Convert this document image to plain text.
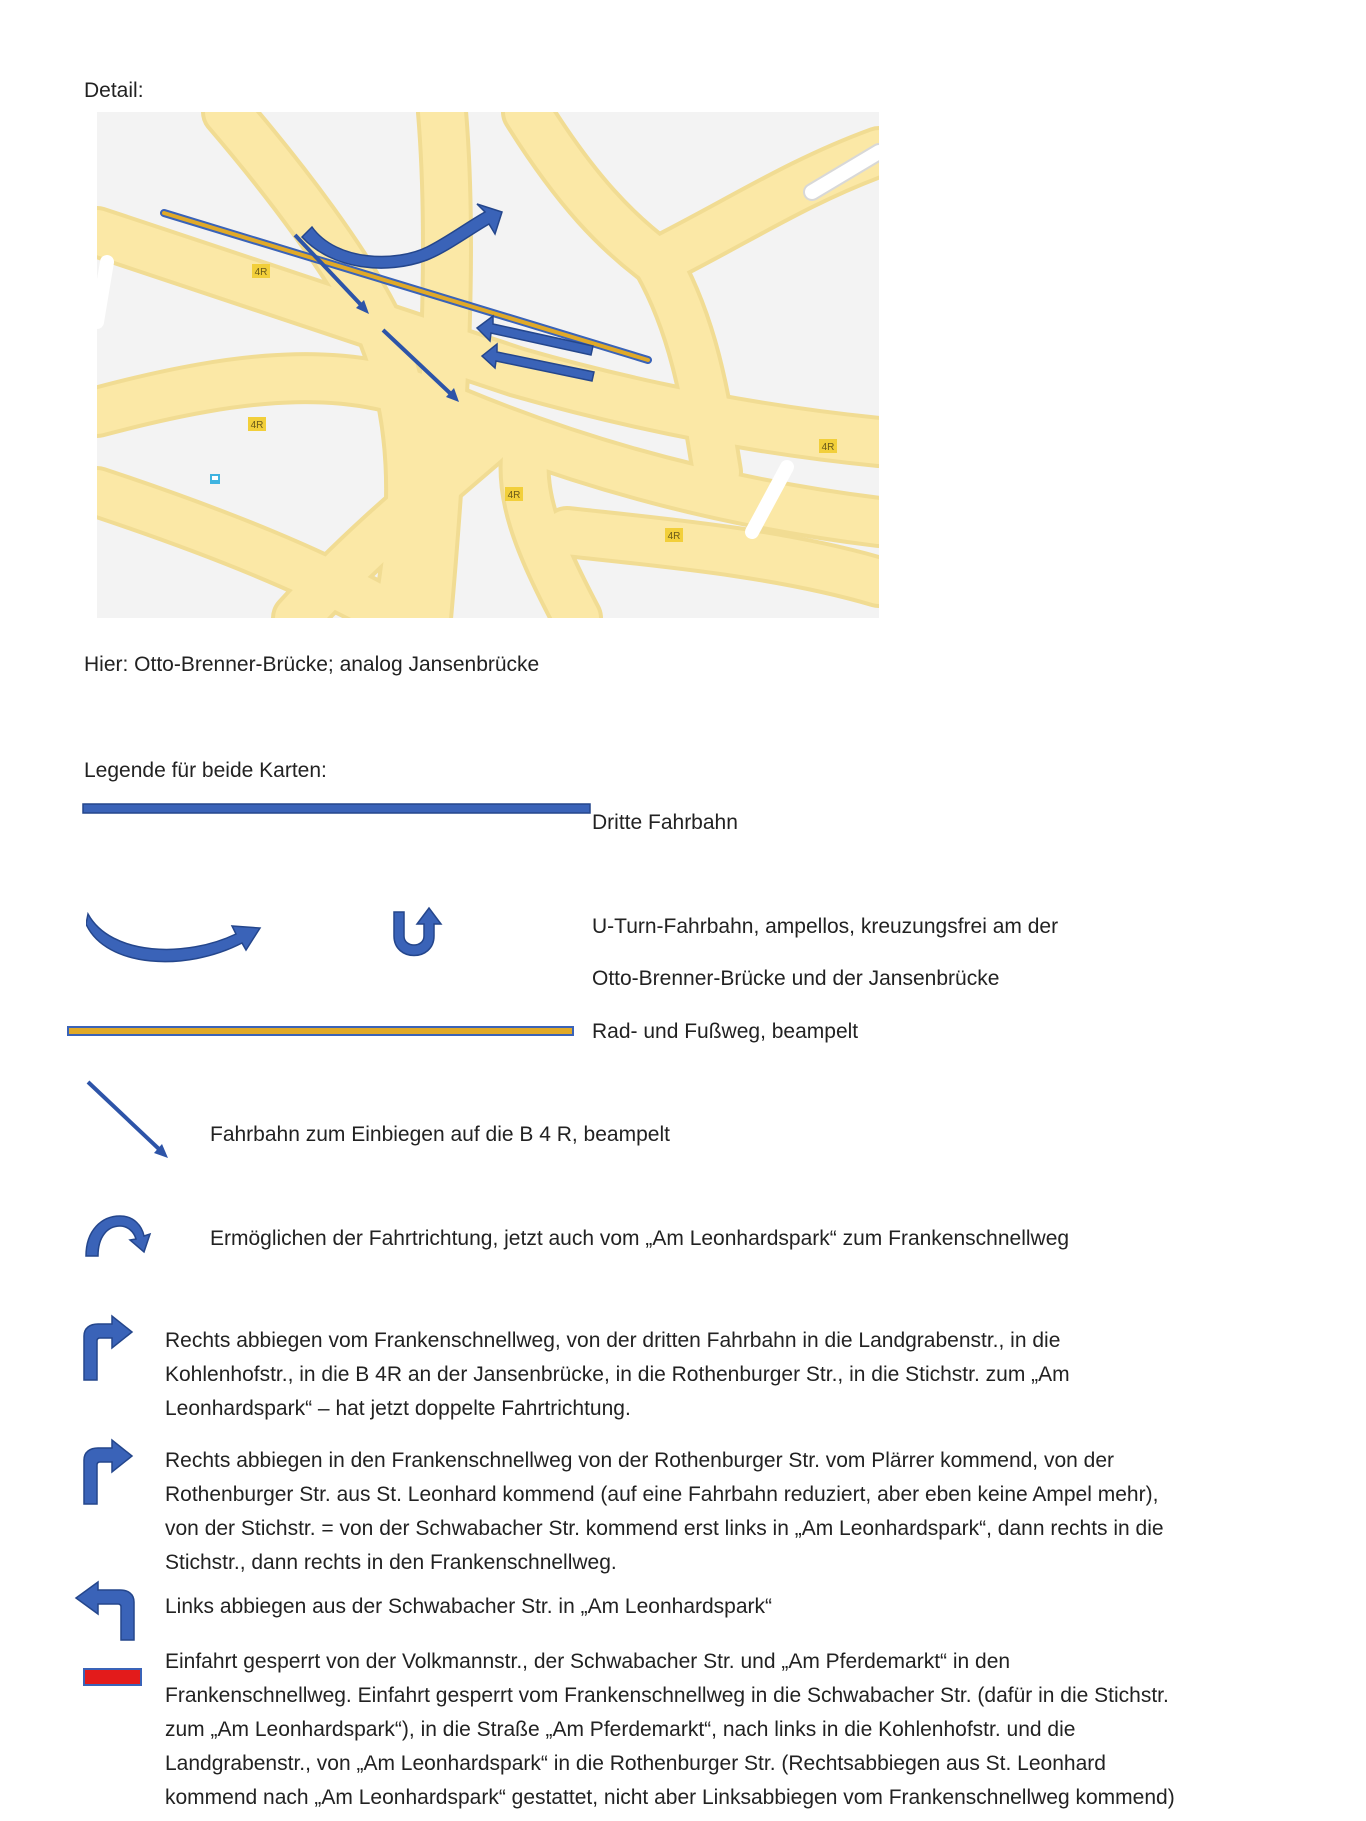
Detail:
4R
4R
4R
4R
4R
Hier: Otto-Brenner-Brücke; analog Jansenbrücke
Legende für beide Karten:
Dritte Fahrbahn
U-Turn-Fahrbahn, ampellos, kreuzungsfrei am der
Otto-Brenner-Brücke und der Jansenbrücke
Rad- und Fußweg, beampelt
Fahrbahn zum Einbiegen auf die B 4 R, beampelt
Ermöglichen der Fahrtrichtung, jetzt auch vom „Am Leonhardspark“ zum Frankenschnellweg
Rechts abbiegen vom Frankenschnellweg, von der dritten Fahrbahn in die Landgrabenstr., in die
Kohlenhofstr., in die B 4R an der Jansenbrücke, in die Rothenburger Str., in die Stichstr. zum „Am
Leonhardspark“ – hat jetzt doppelte Fahrtrichtung.
Rechts abbiegen in den Frankenschnellweg von der Rothenburger Str. vom Plärrer kommend, von der
Rothenburger Str. aus St. Leonhard kommend (auf eine Fahrbahn reduziert, aber eben keine Ampel mehr),
von der Stichstr. = von der Schwabacher Str. kommend erst links in „Am Leonhardspark“, dann rechts in die
Stichstr., dann rechts in den Frankenschnellweg.
Links abbiegen aus der Schwabacher Str. in „Am Leonhardspark“
Einfahrt gesperrt von der Volkmannstr., der Schwabacher Str. und „Am Pferdemarkt“ in den
Frankenschnellweg. Einfahrt gesperrt vom Frankenschnellweg in die Schwabacher Str. (dafür in die Stichstr.
zum „Am Leonhardspark“), in die Straße „Am Pferdemarkt“, nach links in die Kohlenhofstr. und die
Landgrabenstr., von „Am Leonhardspark“ in die Rothenburger Str. (Rechtsabbiegen aus St. Leonhard
kommend nach „Am Leonhardspark“ gestattet, nicht aber Linksabbiegen vom Frankenschnellweg kommend)
